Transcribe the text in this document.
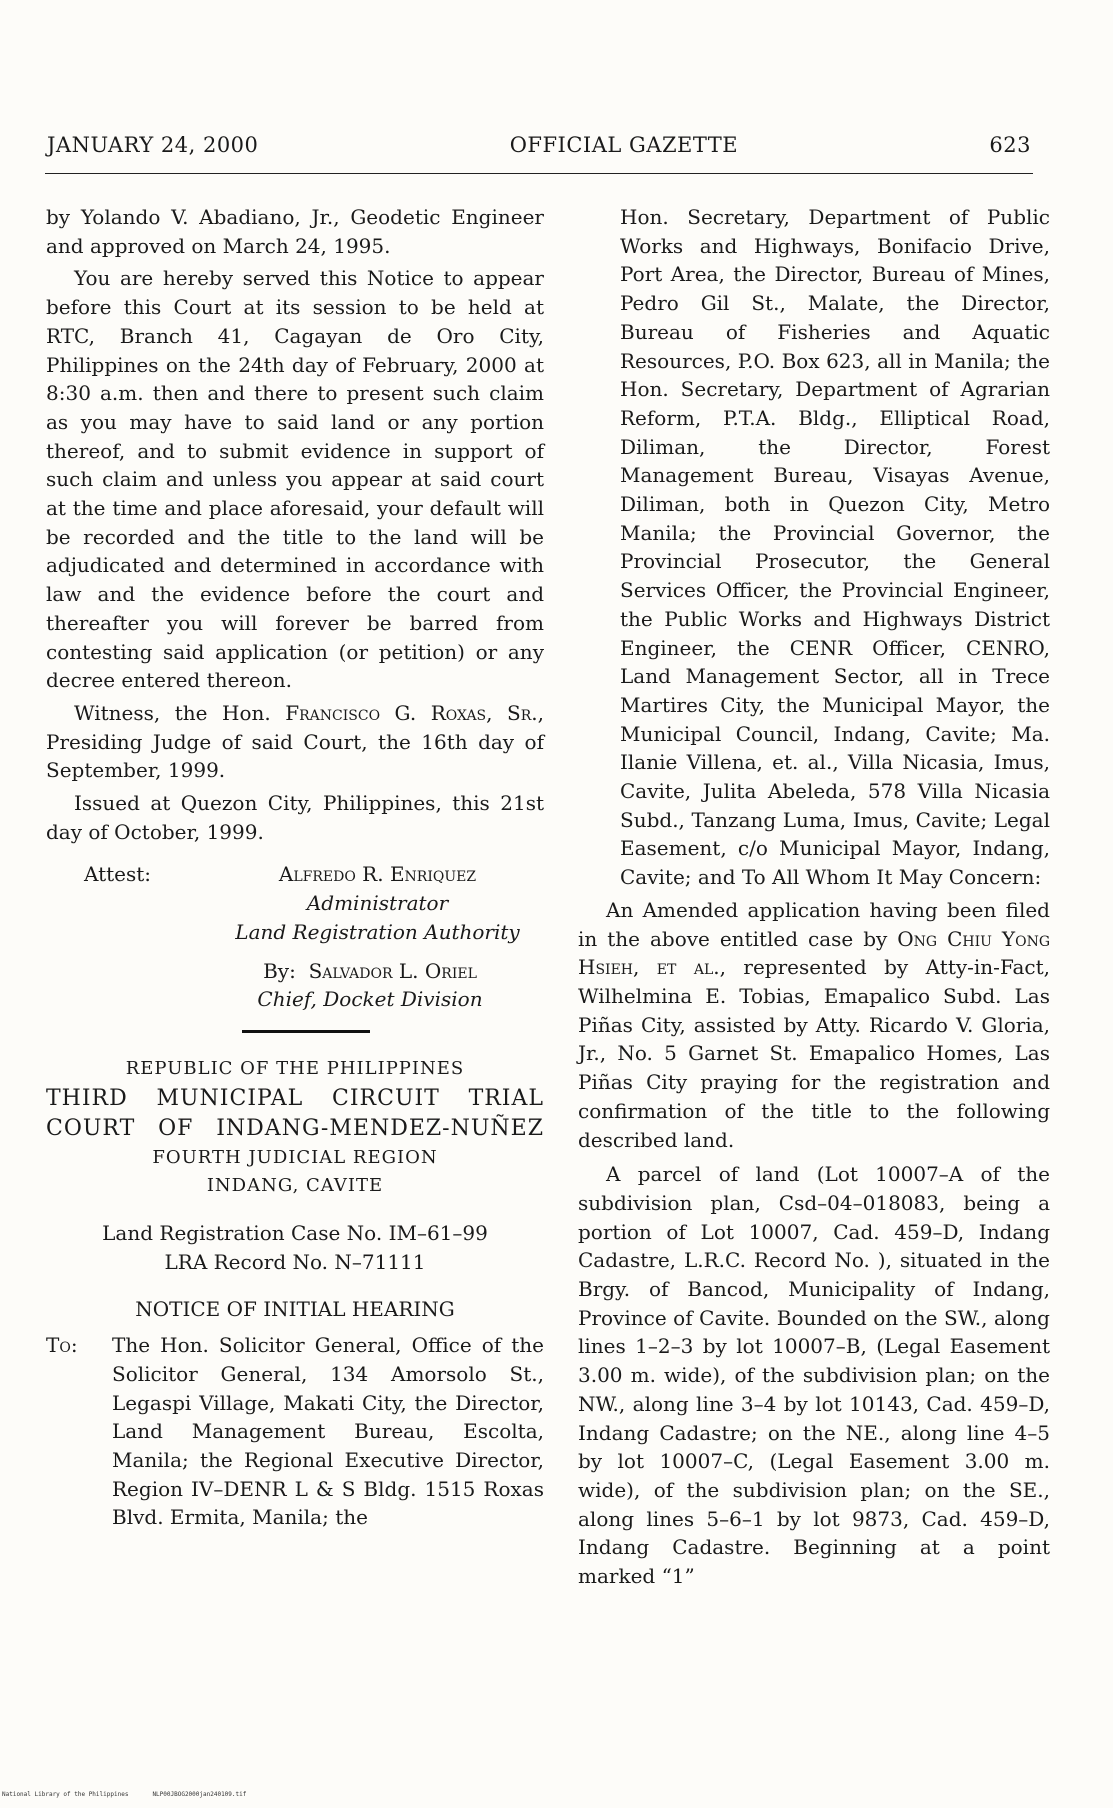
JANUARY 24, 2000	OFFICIAL GAZETTE	623

by Yolando V. Abadiano, Jr., Geodetic Engineer and approved on March 24, 1995.

You are hereby served this Notice to appear before this Court at its session to be held at RTC, Branch 41, Cagayan de Oro City, Philippines on the 24th day of February, 2000 at 8:30 a.m. then and there to present such claim as you may have to said land or any portion thereof, and to submit evidence in support of such claim and unless you appear at said court at the time and place aforesaid, your default will be recorded and the title to the land will be adjudicated and determined in accordance with law and the evidence before the court and thereafter you will forever be barred from contesting said application (or petition) or any decree entered thereon.

Witness, the Hon. Francisco G. Roxas, Sr., Presiding Judge of said Court, the 16th day of September, 1999.

Issued at Quezon City, Philippines, this 21st day of October, 1999.

Attest:	Alfredo R. Enriquez
Administrator
Land Registration Authority
By: Salvador L. Oriel
Chief, Docket Division
REPUBLIC OF THE PHILIPPINES
THIRD MUNICIPAL CIRCUIT TRIAL
COURT OF INDANG-MENDEZ-NUÑEZ
FOURTH JUDICIAL REGION
INDANG, CAVITE
Land Registration Case No. IM–61–99
LRA Record No. N–71111
NOTICE OF INITIAL HEARING
To:	The Hon. Solicitor General, Office of the Solicitor General, 134 Amorsolo St., Legaspi Village, Makati City, the Director, Land Management Bureau, Escolta, Manila; the Regional Executive Director, Region IV–DENR L & S Bldg. 1515 Roxas Blvd. Ermita, Manila; the

Hon. Secretary, Department of Public Works and Highways, Bonifacio Drive, Port Area, the Director, Bureau of Mines, Pedro Gil St., Malate, the Director, Bureau of Fisheries and Aquatic Resources, P.O. Box 623, all in Manila; the Hon. Secretary, Department of Agrarian Reform, P.T.A. Bldg., Elliptical Road, Diliman, the Director, Forest Management Bureau, Visayas Avenue, Diliman, both in Quezon City, Metro Manila; the Provincial Governor, the Provincial Prosecutor, the General Services Officer, the Provincial Engineer, the Public Works and Highways District Engineer, the CENR Officer, CENRO, Land Management Sector, all in Trece Martires City, the Municipal Mayor, the Municipal Council, Indang, Cavite; Ma. Ilanie Villena, et. al., Villa Nicasia, Imus, Cavite, Julita Abeleda, 578 Villa Nicasia Subd., Tanzang Luma, Imus, Cavite; Legal Easement, c/o Municipal Mayor, Indang, Cavite; and To All Whom It May Concern:

An Amended application having been filed in the above entitled case by Ong Chiu Yong Hsieh, et al., represented by Atty-in-Fact, Wilhelmina E. Tobias, Emapalico Subd. Las Piñas City, assisted by Atty. Ricardo V. Gloria, Jr., No. 5 Garnet St. Emapalico Homes, Las Piñas City praying for the registration and confirmation of the title to the following described land.

A parcel of land (Lot 10007–A of the subdivision plan, Csd–04–018083, being a portion of Lot 10007, Cad. 459–D, Indang Cadastre, L.R.C. Record No. ), situated in the Brgy. of Bancod, Municipality of Indang, Province of Cavite. Bounded on the SW., along lines 1–2–3 by lot 10007–B, (Legal Easement 3.00 m. wide), of the subdivision plan; on the NW., along line 3–4 by lot 10143, Cad. 459–D, Indang Cadastre; on the NE., along line 4–5 by lot 10007–C, (Legal Easement 3.00 m. wide), of the subdivision plan; on the SE., along lines 5–6–1 by lot 9873, Cad. 459–D, Indang Cadastre. Beginning at a point marked “1”

National Library of the Philippines	NLP00JBOG2000jan240109.tif
